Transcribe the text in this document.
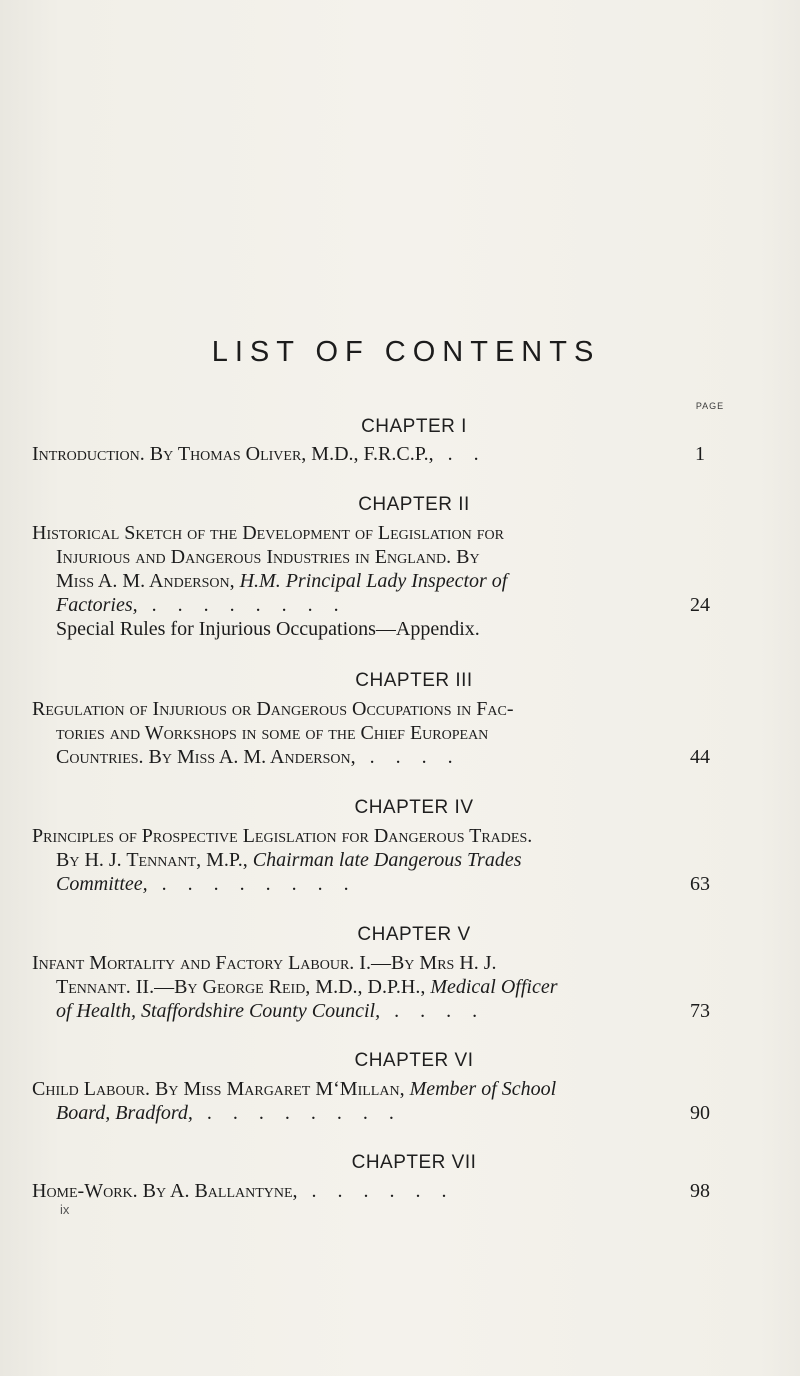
LIST OF CONTENTS
PAGE
CHAPTER I
Introduction. By Thomas Oliver, M.D., F.R.C.P., ..	1
CHAPTER II
Historical Sketch of the Development of Legislation for
Injurious and Dangerous Industries in England. By
Miss A. M. Anderson, H.M. Principal Lady Inspector of
Factories, ........	24
Special Rules for Injurious Occupations—Appendix.
CHAPTER III
Regulation of Injurious or Dangerous Occupations in Fac-
tories and Workshops in some of the Chief European
Countries. By Miss A. M. Anderson, ....	44
CHAPTER IV
Principles of Prospective Legislation for Dangerous Trades.
By H. J. Tennant, M.P., Chairman late Dangerous Trades
Committee, ........	63
CHAPTER V
Infant Mortality and Factory Labour. I.—By Mrs H. J.
Tennant. II.—By George Reid, M.D., D.P.H., Medical Officer
of Health, Staffordshire County Council, ....	73
CHAPTER VI
Child Labour. By Miss Margaret M‘Millan, Member of School
Board, Bradford, ........	90
CHAPTER VII
Home-Work. By A. Ballantyne, ......	98
ix
